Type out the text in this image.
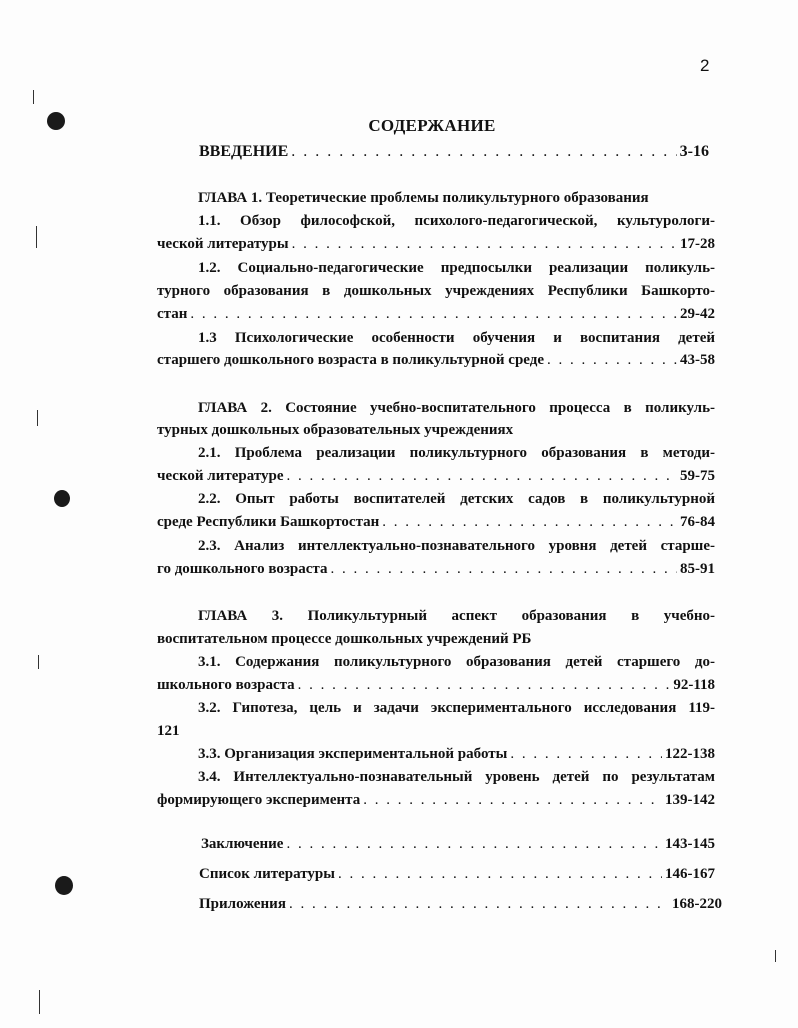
2
СОДЕРЖАНИЕ
ВВЕДЕНИЕ . . .	3-16
ГЛАВА 1. Теоретические проблемы поликультурного образования
1.1. Обзор философской, психолого-педагогической, культурологи-
ческой литературы . . .	17-28
1.2. Социально-педагогические предпосылки реализации поликуль-
турного образования в дошкольных учреждениях Республики Башкорто-
стан . . .	29-42
1.3 Психологические особенности обучения и воспитания детей
старшего дошкольного возраста в поликультурной среде . . .	43-58
ГЛАВА 2. Состояние учебно-воспитательного процесса в поликуль-
турных дошкольных образовательных учреждениях
2.1. Проблема реализации поликультурного образования в методи-
ческой литературе . . .	59-75
2.2. Опыт работы воспитателей детских садов в поликультурной
среде Республики Башкортостан . . .	76-84
2.3. Анализ интеллектуально-познавательного уровня детей старше-
го дошкольного возраста . . .	85-91
ГЛАВА 3. Поликультурный аспект образования в учебно-
воспитательном процессе дошкольных учреждений РБ
3.1. Содержания поликультурного образования детей старшего до-
школьного возраста . . .	92-118
3.2. Гипотеза, цель и задачи экспериментального исследования 119-
121
3.3. Организация экспериментальной работы . . .	122-138
3.4. Интеллектуально-познавательный уровень детей по результатам
формирующего эксперимента . . .	139-142
Заключение . . .	143-145
Список литературы . . .	146-167
Приложения . . .	168-220
